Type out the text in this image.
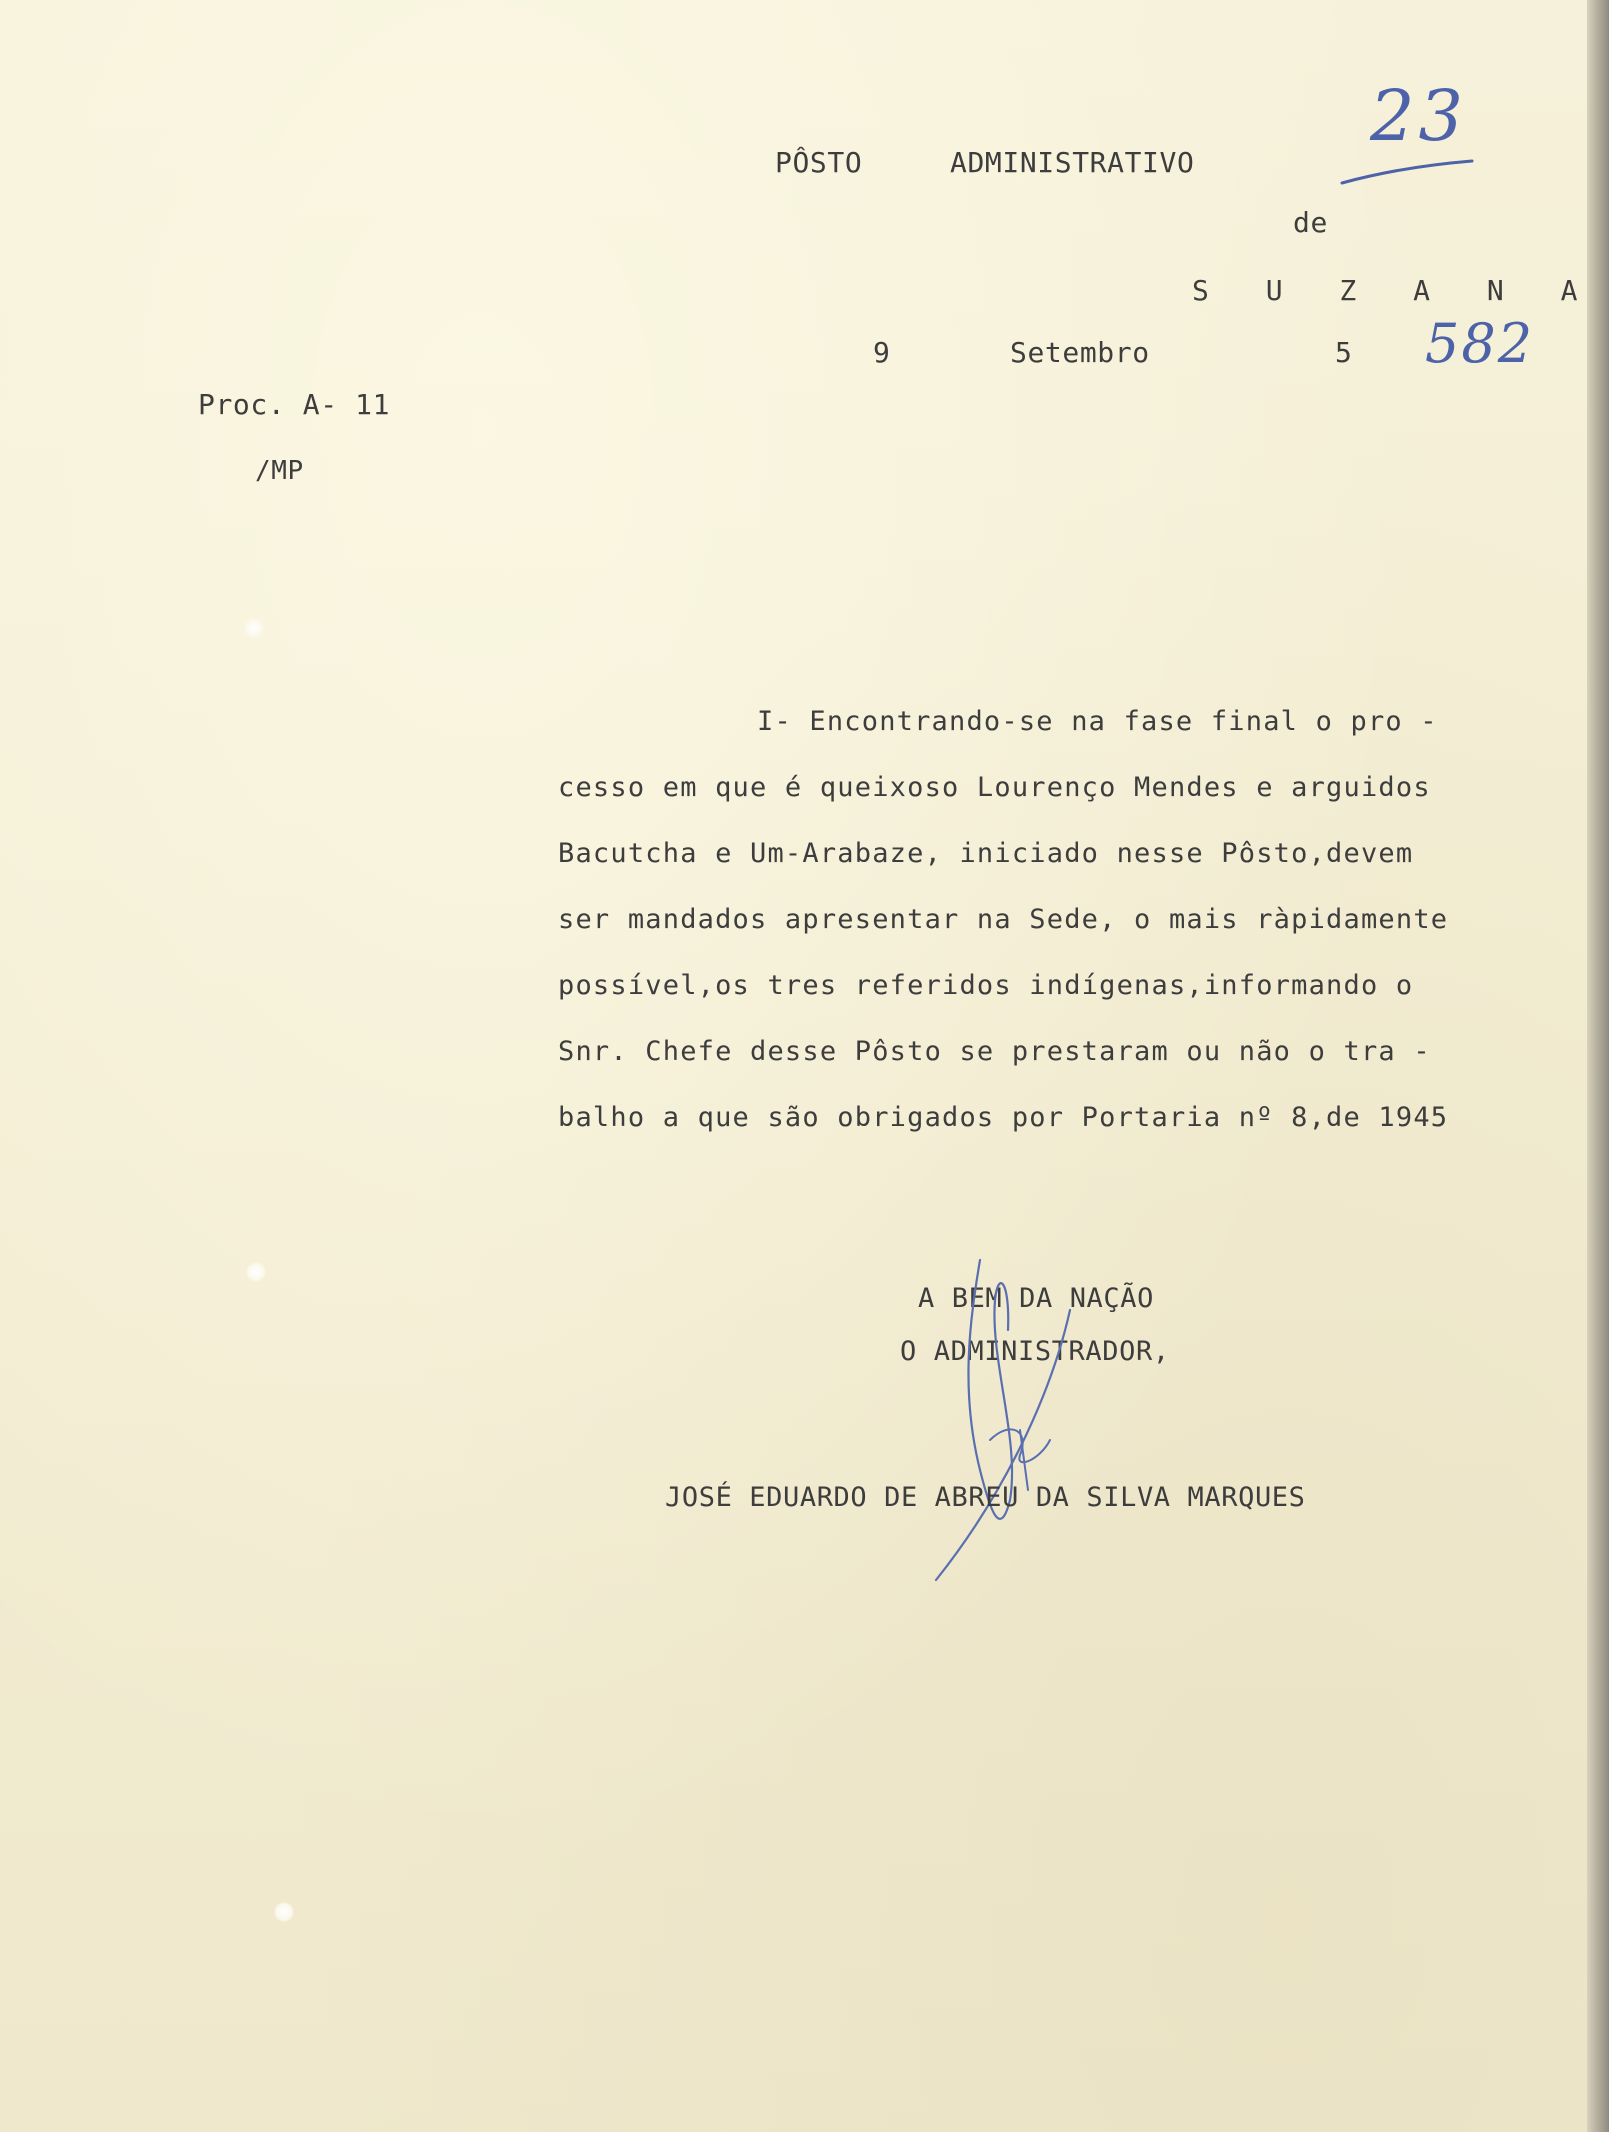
23
PÔSTO	ADMINISTRATIVO
de
S U Z A N A
9	Setembro	5 582
Proc. A- 11
/MP
I- Encontrando-se na fase final o pro -
cesso em que é queixoso Lourenço Mendes e arguidos
Bacutcha e Um-Arabaze, iniciado nesse Pôsto,devem
ser mandados apresentar na Sede, o mais ràpidamente
possível,os tres referidos indígenas,informando o
Snr. Chefe desse Pôsto se prestaram ou não o tra -
balho a que são obrigados por Portaria nº 8,de 1945
A BEM DA NAÇÃO
O ADMINISTRADOR,
JOSÉ EDUARDO DE ABREU DA SILVA MARQUES
